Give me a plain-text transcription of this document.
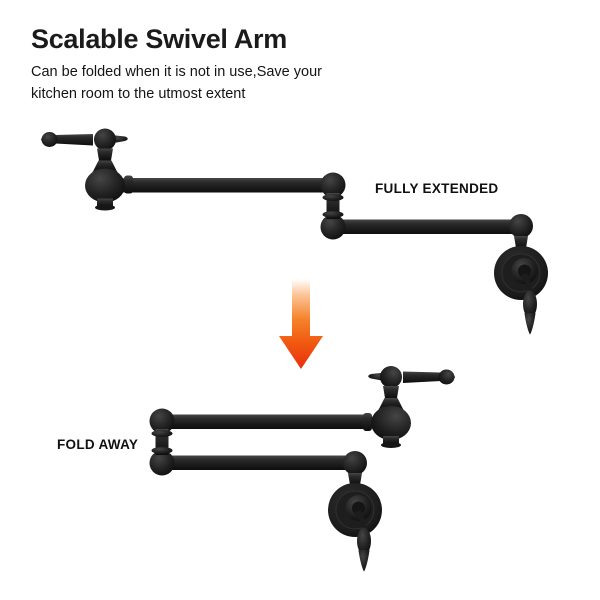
Scalable Swivel Arm
Can be folded when it is not in use,Save your
kitchen room to the utmost extent
FULLY EXTENDED
FOLD AWAY
